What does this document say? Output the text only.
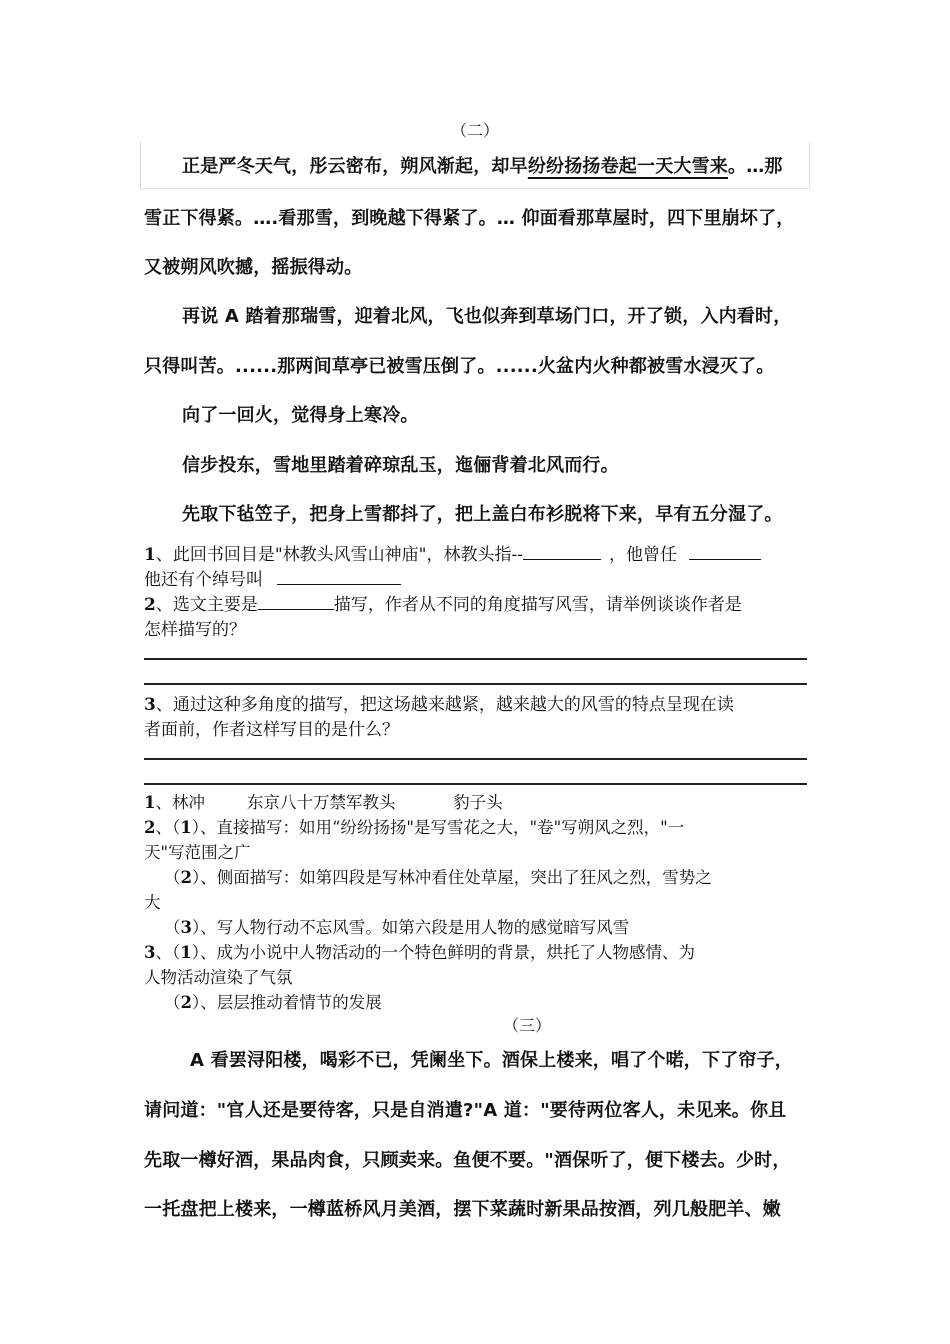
（二）
正是严冬天气，彤云密布，朔风渐起，却早纷纷扬扬卷起一天大雪来。…那
雪正下得紧。….看那雪，到晚越下得紧了。… 仰面看那草屋时，四下里崩坏了，
又被朔风吹撼，摇振得动。
再说 A 踏着那瑞雪，迎着北风，飞也似奔到草场门口，开了锁，入内看时，
只得叫苦。......那两间草亭已被雪压倒了。......火盆内火种都被雪水浸灭了。
向了一回火，觉得身上寒冷。
信步投东，雪地里踏着碎琼乱玉，迤俪背着北风而行。
先取下毡笠子，把身上雪都抖了，把上盖白布衫脱将下来，早有五分湿了。
1、此回书回目是"林教头风雪山神庙"，林教头指--	，他曾任
他还有个绰号叫
2、选文主要是	描写，作者从不同的角度描写风雪，请举例谈谈作者是
怎样描写的？
3、通过这种多角度的描写，把这场越来越紧，越来越大的风雪的特点呈现在读
者面前，作者这样写目的是什么？
1、林冲        东京八十万禁军教头           豹子头
2、（1）、直接描写：如用“纷纷扬扬"是写雪花之大，"卷"写朔风之烈，"一
天"写范围之广
（2）、侧面描写：如第四段是写林冲看住处草屋，突出了狂风之烈，雪势之
大
（3）、写人物行动不忘风雪。如第六段是用人物的感觉暗写风雪
3、（1）、成为小说中人物活动的一个特色鲜明的背景，烘托了人物感情、为
人物活动渲染了气氛
（2）、层层推动着情节的发展
（三）
A 看罢浔阳楼，喝彩不已，凭阑坐下。酒保上楼来，唱了个喏，下了帘子，
请问道："官人还是要待客，只是自消遣?"A 道："要待两位客人，未见来。你且
先取一樽好酒，果品肉食，只顾卖来。鱼便不要。"酒保听了，便下楼去。少时，
一托盘把上楼来，一樽蓝桥风月美酒，摆下菜蔬时新果品按酒，列几般肥羊、嫩
